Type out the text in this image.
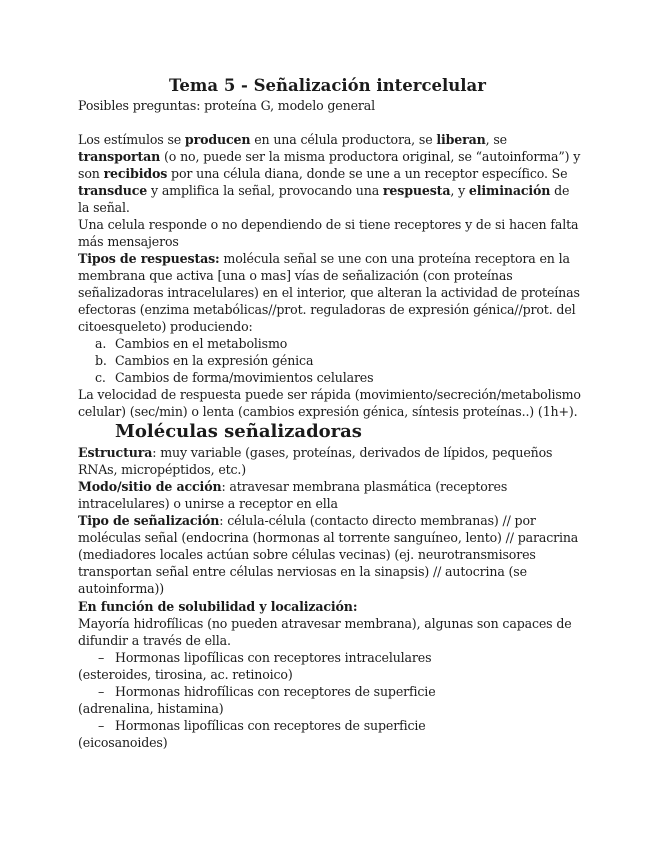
Tema 5 - Señalización intercelular

Posibles preguntas: proteína G, modelo general

Los estímulos se producen en una célula productora, se liberan, se transportan (o no, puede ser la misma productora original, se “autoinforma”) y son recibidos por una célula diana, donde se une a un receptor específico. Se transduce y amplifica la señal, provocando una respuesta, y eliminación de la señal.

Una celula responde o no dependiendo de si tiene receptores y de si hacen falta más mensajeros

Tipos de respuestas: molécula señal se une con una proteína receptora en la membrana que activa [una o mas] vías de señalización (con proteínas señalizadoras intracelulares) en el interior, que alteran la actividad de proteínas efectoras (enzima metabólicas//prot. reguladoras de expresión génica//prot. del citoesqueleto) produciendo:

a. Cambios en el metabolismo
b. Cambios en la expresión génica
c. Cambios de forma/movimientos celulares

La velocidad de respuesta puede ser rápida (movimiento/secreción/metabolismo celular) (sec/min) o lenta (cambios expresión génica, síntesis proteínas..) (1h+).

Moléculas señalizadoras

Estructura: muy variable (gases, proteínas, derivados de lípidos, pequeños RNAs, micropéptidos, etc.)

Modo/sitio de acción: atravesar membrana plasmática (receptores intracelulares) o unirse a receptor en ella

Tipo de señalización: célula-célula (contacto directo membranas) // por moléculas señal (endocrina (hormonas al torrente sanguíneo, lento) // paracrina (mediadores locales actúan sobre células vecinas) (ej. neurotransmisores transportan señal entre células nerviosas en la sinapsis) // autocrina (se autoinforma))

En función de solubilidad y localización:

Mayoría hidrofílicas (no pueden atravesar membrana), algunas son capaces de difundir a través de ella.

– Hormonas lipofílicas con receptores intracelulares

(esteroides, tirosina, ac. retinoico)

– Hormonas hidrofílicas con receptores de superficie

(adrenalina, histamina)

– Hormonas lipofílicas con receptores de superficie

(eicosanoides)
